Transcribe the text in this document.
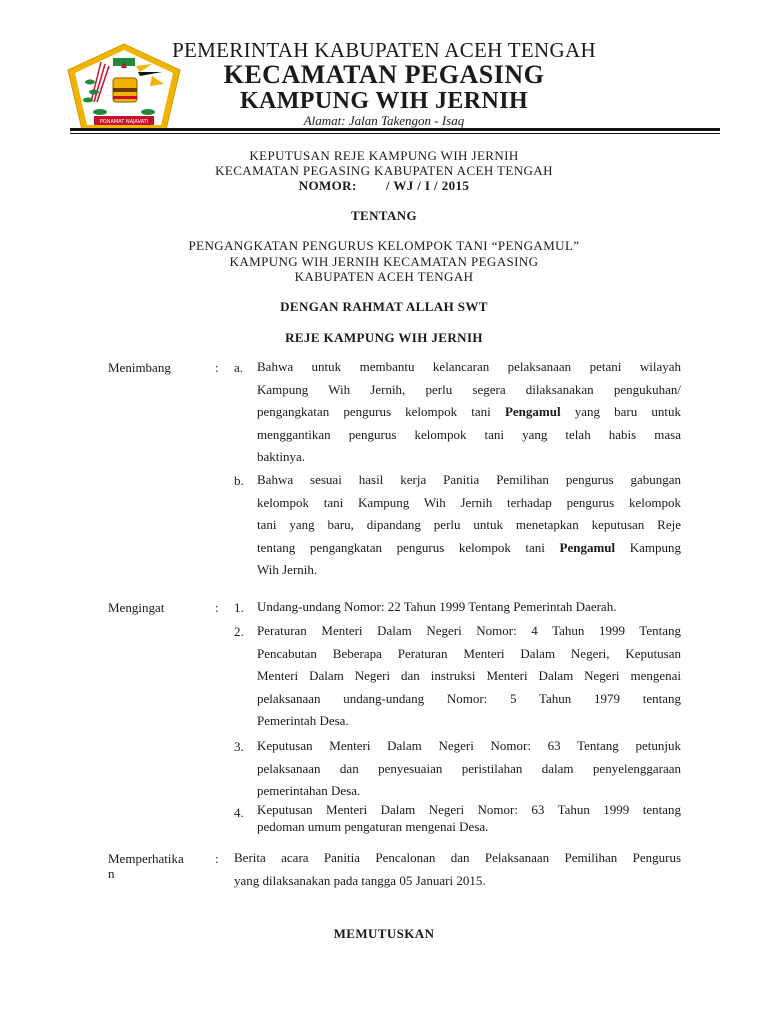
PONAMAT NAJAVATI
PEMERINTAH KABUPATEN ACEH TENGAH
KECAMATAN PEGASING
KAMPUNG WIH JERNIH
Alamat: Jalan Takengon - Isaq
KEPUTUSAN REJE KAMPUNG WIH JERNIH
KECAMATAN PEGASING KABUPATEN ACEH TENGAH
NOMOR:        / WJ / I / 2015
TENTANG
PENGANGKATAN PENGURUS KELOMPOK TANI “PENGAMUL”
KAMPUNG WIH JERNIH KECAMATAN PEGASING
KABUPATEN ACEH TENGAH
DENGAN RAHMAT ALLAH SWT
REJE KAMPUNG WIH JERNIH
Menimbang	: a. Bahwa untuk membantu kelancaran pelaksanaan petani wilayah
Kampung Wih Jernih, perlu segera dilaksanakan pengukuhan/
pengangkatan pengurus kelompok tani Pengamul yang baru untuk
menggantikan pengurus kelompok tani yang telah habis masa
baktinya.
b. Bahwa sesuai hasil kerja Panitia Pemilihan pengurus gabungan
kelompok tani Kampung Wih Jernih terhadap pengurus kelompok
tani yang baru, dipandang perlu untuk menetapkan keputusan Reje
tentang pengangkatan pengurus kelompok tani Pengamul Kampung
Wih Jernih.
Mengingat	: 1. Undang-undang Nomor: 22 Tahun 1999 Tentang Pemerintah Daerah.
2. Peraturan Menteri Dalam Negeri Nomor: 4 Tahun 1999 Tentang
Pencabutan Beberapa Peraturan Menteri Dalam Negeri, Keputusan
Menteri Dalam Negeri dan instruksi Menteri Dalam Negeri mengenai
pelaksanaan    undang-undang    Nomor:    5    Tahun    1979    tentang
Pemerintah Desa.
3. Keputusan Menteri Dalam Negeri Nomor: 63 Tentang petunjuk
pelaksanaan dan penyesuaian peristilahan dalam penyelenggaraan
pemerintahan Desa.
4. Keputusan Menteri Dalam Negeri Nomor: 63 Tahun 1999 tentang
pedoman umum pengaturan mengenai Desa.
Memperhatika
n
: Berita acara Panitia Pencalonan dan Pelaksanaan Pemilihan Pengurus
yang dilaksanakan pada tangga 05 Januari 2015.
MEMUTUSKAN
